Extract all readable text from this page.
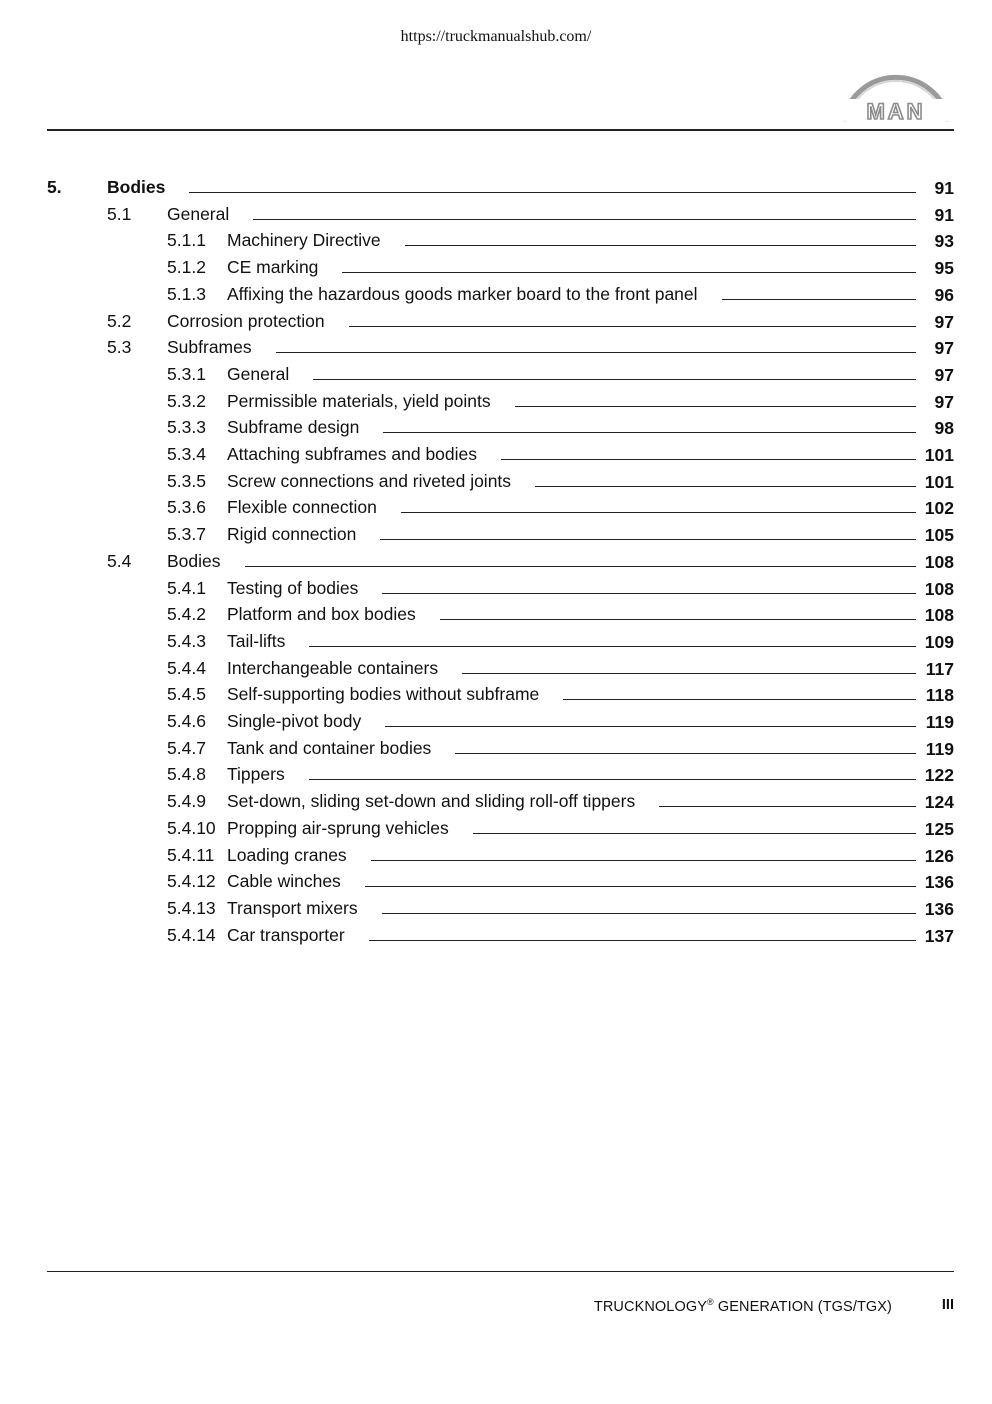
https://truckmanualshub.com/
MAN
5.	Bodies	91
5.1 General	91
5.1.1 Machinery Directive	93
5.1.2 CE marking	95
5.1.3 Affixing the hazardous goods marker board to the front panel	96
5.2 Corrosion protection	97
5.3 Subframes	97
5.3.1 General	97
5.3.2 Permissible materials, yield points	97
5.3.3 Subframe design	98
5.3.4 Attaching subframes and bodies	101
5.3.5 Screw connections and riveted joints	101
5.3.6 Flexible connection	102
5.3.7 Rigid connection	105
5.4 Bodies	108
5.4.1 Testing of bodies	108
5.4.2 Platform and box bodies	108
5.4.3 Tail-lifts	109
5.4.4 Interchangeable containers	117
5.4.5 Self-supporting bodies without subframe	118
5.4.6 Single-pivot body	119
5.4.7 Tank and container bodies	119
5.4.8 Tippers	122
5.4.9 Set-down, sliding set-down and sliding roll-off tippers	124
5.4.10 Propping air-sprung vehicles	125
5.4.11 Loading cranes	126
5.4.12 Cable winches	136
5.4.13 Transport mixers	136
5.4.14 Car transporter	137
TRUCKNOLOGY® GENERATION (TGS/TGX)	III
